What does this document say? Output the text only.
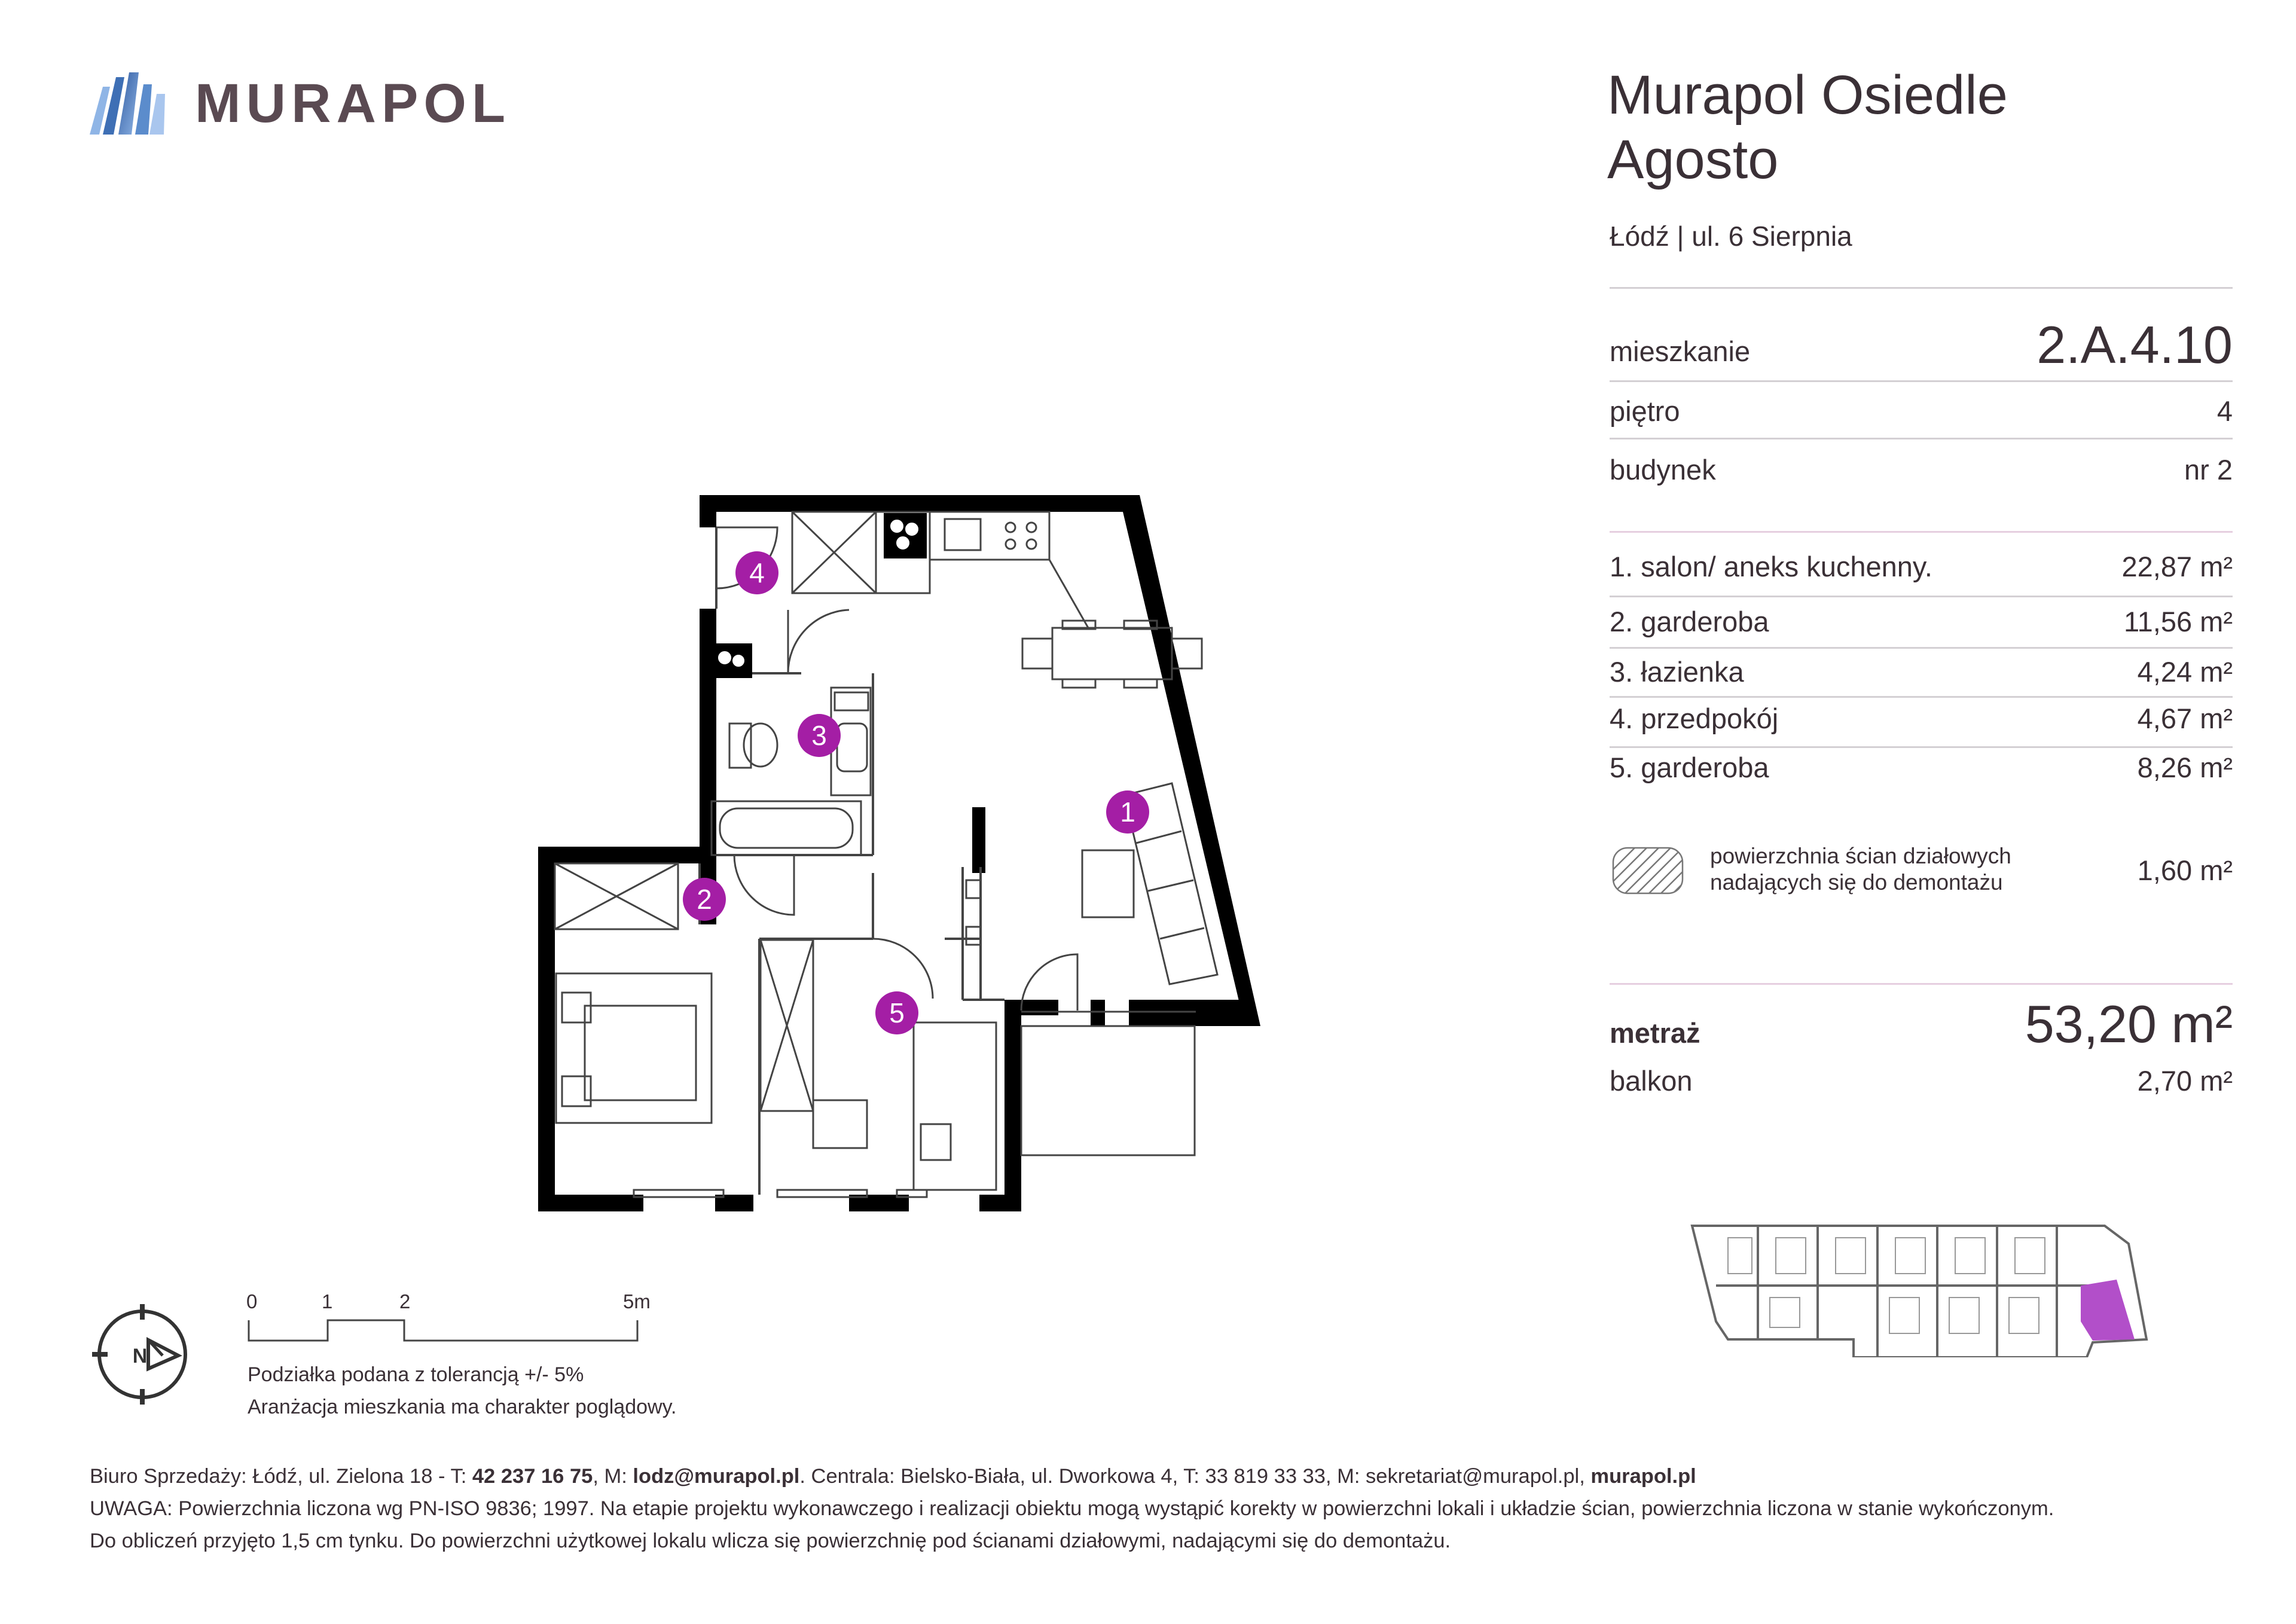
MURAPOL	Murapol Osiedle
Agosto
Łódź | ul. 6 Sierpnia
mieszkanie	2.A.4.10
piętro	4
budynek	nr 2
1. salon/ aneks kuchenny.	22,87 m²
2. garderoba	11,56 m²
3. łazienka	4,24 m²
4. przedpokój	4,67 m²
5. garderoba	8,26 m²
powierzchnia ścian działowych
nadających się do demontażu	1,60 m²
metraż	53,20 m²
balkon	2,70 m²
1
2
3
4
5
N
0	1	2	5m
Podziałka podana z tolerancją +/- 5%
Aranżacja mieszkania ma charakter poglądowy.
Biuro Sprzedaży: Łódź, ul. Zielona 18 - T: 42 237 16 75, M: lodz@murapol.pl. Centrala: Bielsko-Biała, ul. Dworkowa 4, T: 33 819 33 33, M: sekretariat@murapol.pl, murapol.pl
UWAGA: Powierzchnia liczona wg PN-ISO 9836; 1997. Na etapie projektu wykonawczego i realizacji obiektu mogą wystąpić korekty w powierzchni lokali i układzie ścian, powierzchnia liczona w stanie wykończonym.
Do obliczeń przyjęto 1,5 cm tynku. Do powierzchni użytkowej lokalu wlicza się powierzchnię pod ścianami działowymi, nadającymi się do demontażu.
